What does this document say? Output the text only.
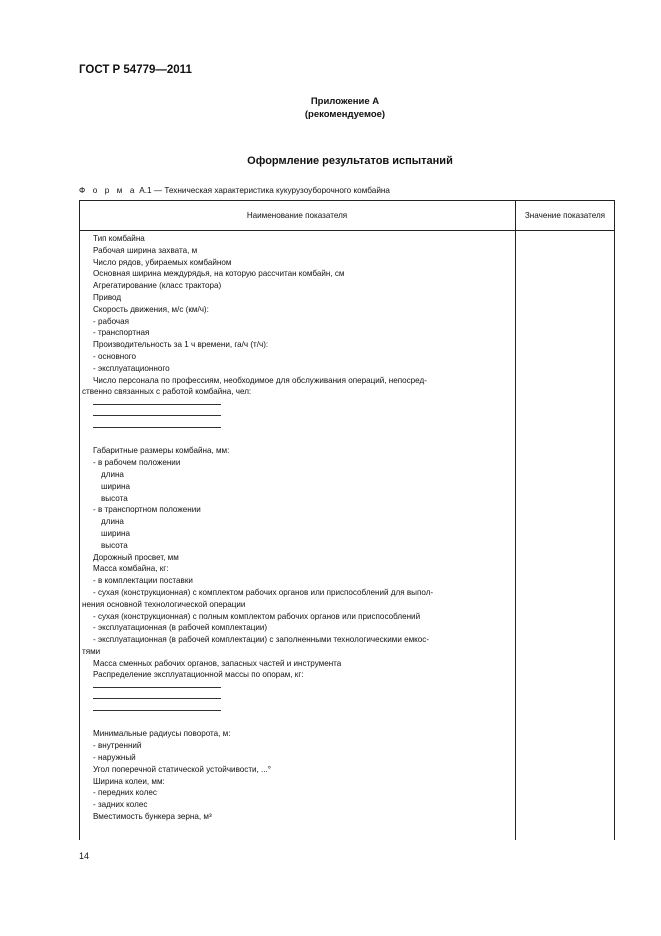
ГОСТ Р 54779—2011
Приложение А
(рекомендуемое)
Оформление результатов испытаний
Ф о р м а А.1 — Техническая характеристика кукурузоуборочного комбайна
Наименование показателя	Значение показателя
Тип комбайна
Рабочая ширина захвата, м
Число рядов, убираемых комбайном
Основная ширина междурядья, на которую рассчитан комбайн, см
Агрегатирование (класс трактора)
Привод
Скорость движения, м/с (км/ч):
- рабочая
- транспортная
Производительность за 1 ч времени, га/ч (т/ч):
- основного
- эксплуатационного
Число персонала по профессиям, необходимое для обслуживания операций, непосред-
ственно связанных с работой комбайна, чел:
Габаритные размеры комбайна, мм:
- в рабочем положении
длина
ширина
высота
- в транспортном положении
длина
ширина
высота
Дорожный просвет, мм
Масса комбайна, кг:
- в комплектации поставки
- сухая (конструкционная) с комплектом рабочих органов или приспособлений для выпол-
нения основной технологической операции
- сухая (конструкционная) с полным комплектом рабочих органов или приспособлений
- эксплуатационная (в рабочей комплектации)
- эксплуатационная (в рабочей комплектации) с заполненными технологическими емкос-
тями
Масса сменных рабочих органов, запасных частей и инструмента
Распределение эксплуатационной массы по опорам, кг:
Минимальные радиусы поворота, м:
- внутренний
- наружный
Угол поперечной статической устойчивости, ...°
Ширина колеи, мм:
- передних колес
- задних колес
Вместимость бункера зерна, м³
14
